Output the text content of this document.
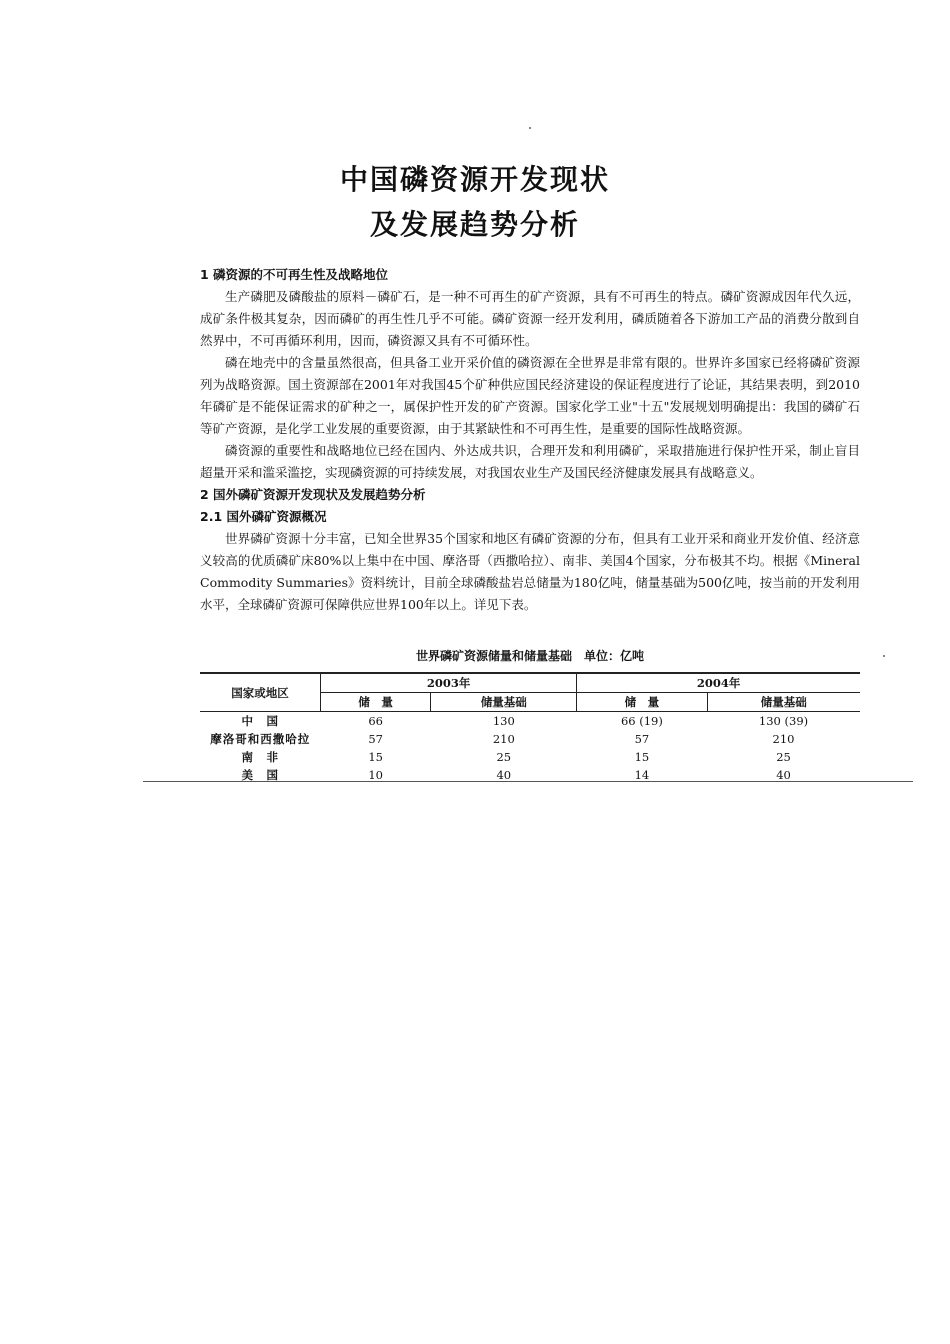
中国磷资源开发现状
及发展趋势分析

1 磷资源的不可再生性及战略地位

生产磷肥及磷酸盐的原料－磷矿石，是一种不可再生的矿产资源，具有不可再生的特点。磷矿资源成因年代久远，成矿条件极其复杂，因而磷矿的再生性几乎不可能。磷矿资源一经开发利用，磷质随着各下游加工产品的消费分散到自然界中，不可再循环利用，因而，磷资源又具有不可循环性。

磷在地壳中的含量虽然很高，但具备工业开采价值的磷资源在全世界是非常有限的。世界许多国家已经将磷矿资源列为战略资源。国土资源部在2001年对我国45个矿种供应国民经济建设的保证程度进行了论证，其结果表明，到2010年磷矿是不能保证需求的矿种之一，属保护性开发的矿产资源。国家化学工业"十五"发展规划明确提出：我国的磷矿石等矿产资源，是化学工业发展的重要资源，由于其紧缺性和不可再生性，是重要的国际性战略资源。

磷资源的重要性和战略地位已经在国内、外达成共识，合理开发和利用磷矿，采取措施进行保护性开采，制止盲目超量开采和滥采滥挖，实现磷资源的可持续发展，对我国农业生产及国民经济健康发展具有战略意义。

2 国外磷矿资源开发现状及发展趋势分析

2.1 国外磷矿资源概况

世界磷矿资源十分丰富，已知全世界35个国家和地区有磷矿资源的分布，但具有工业开采和商业开发价值、经济意义较高的优质磷矿床80%以上集中在中国、摩洛哥（西撒哈拉）、南非、美国4个国家，分布极其不均。根据《Mineral Commodity Summaries》资料统计，目前全球磷酸盐岩总储量为180亿吨，储量基础为500亿吨，按当前的开发利用水平，全球磷矿资源可保障供应世界100年以上。详见下表。

世界磷矿资源储量和储量基础　单位：亿吨
国家或地区	2003年		2004年	
	储　量	储量基础	储　量	储量基础
中　国	66	130	66 (19)	130 (39)
摩洛哥和西撒哈拉	57	210	57	210
南　非	15	25	15	25
美　国	10	40	14	40
